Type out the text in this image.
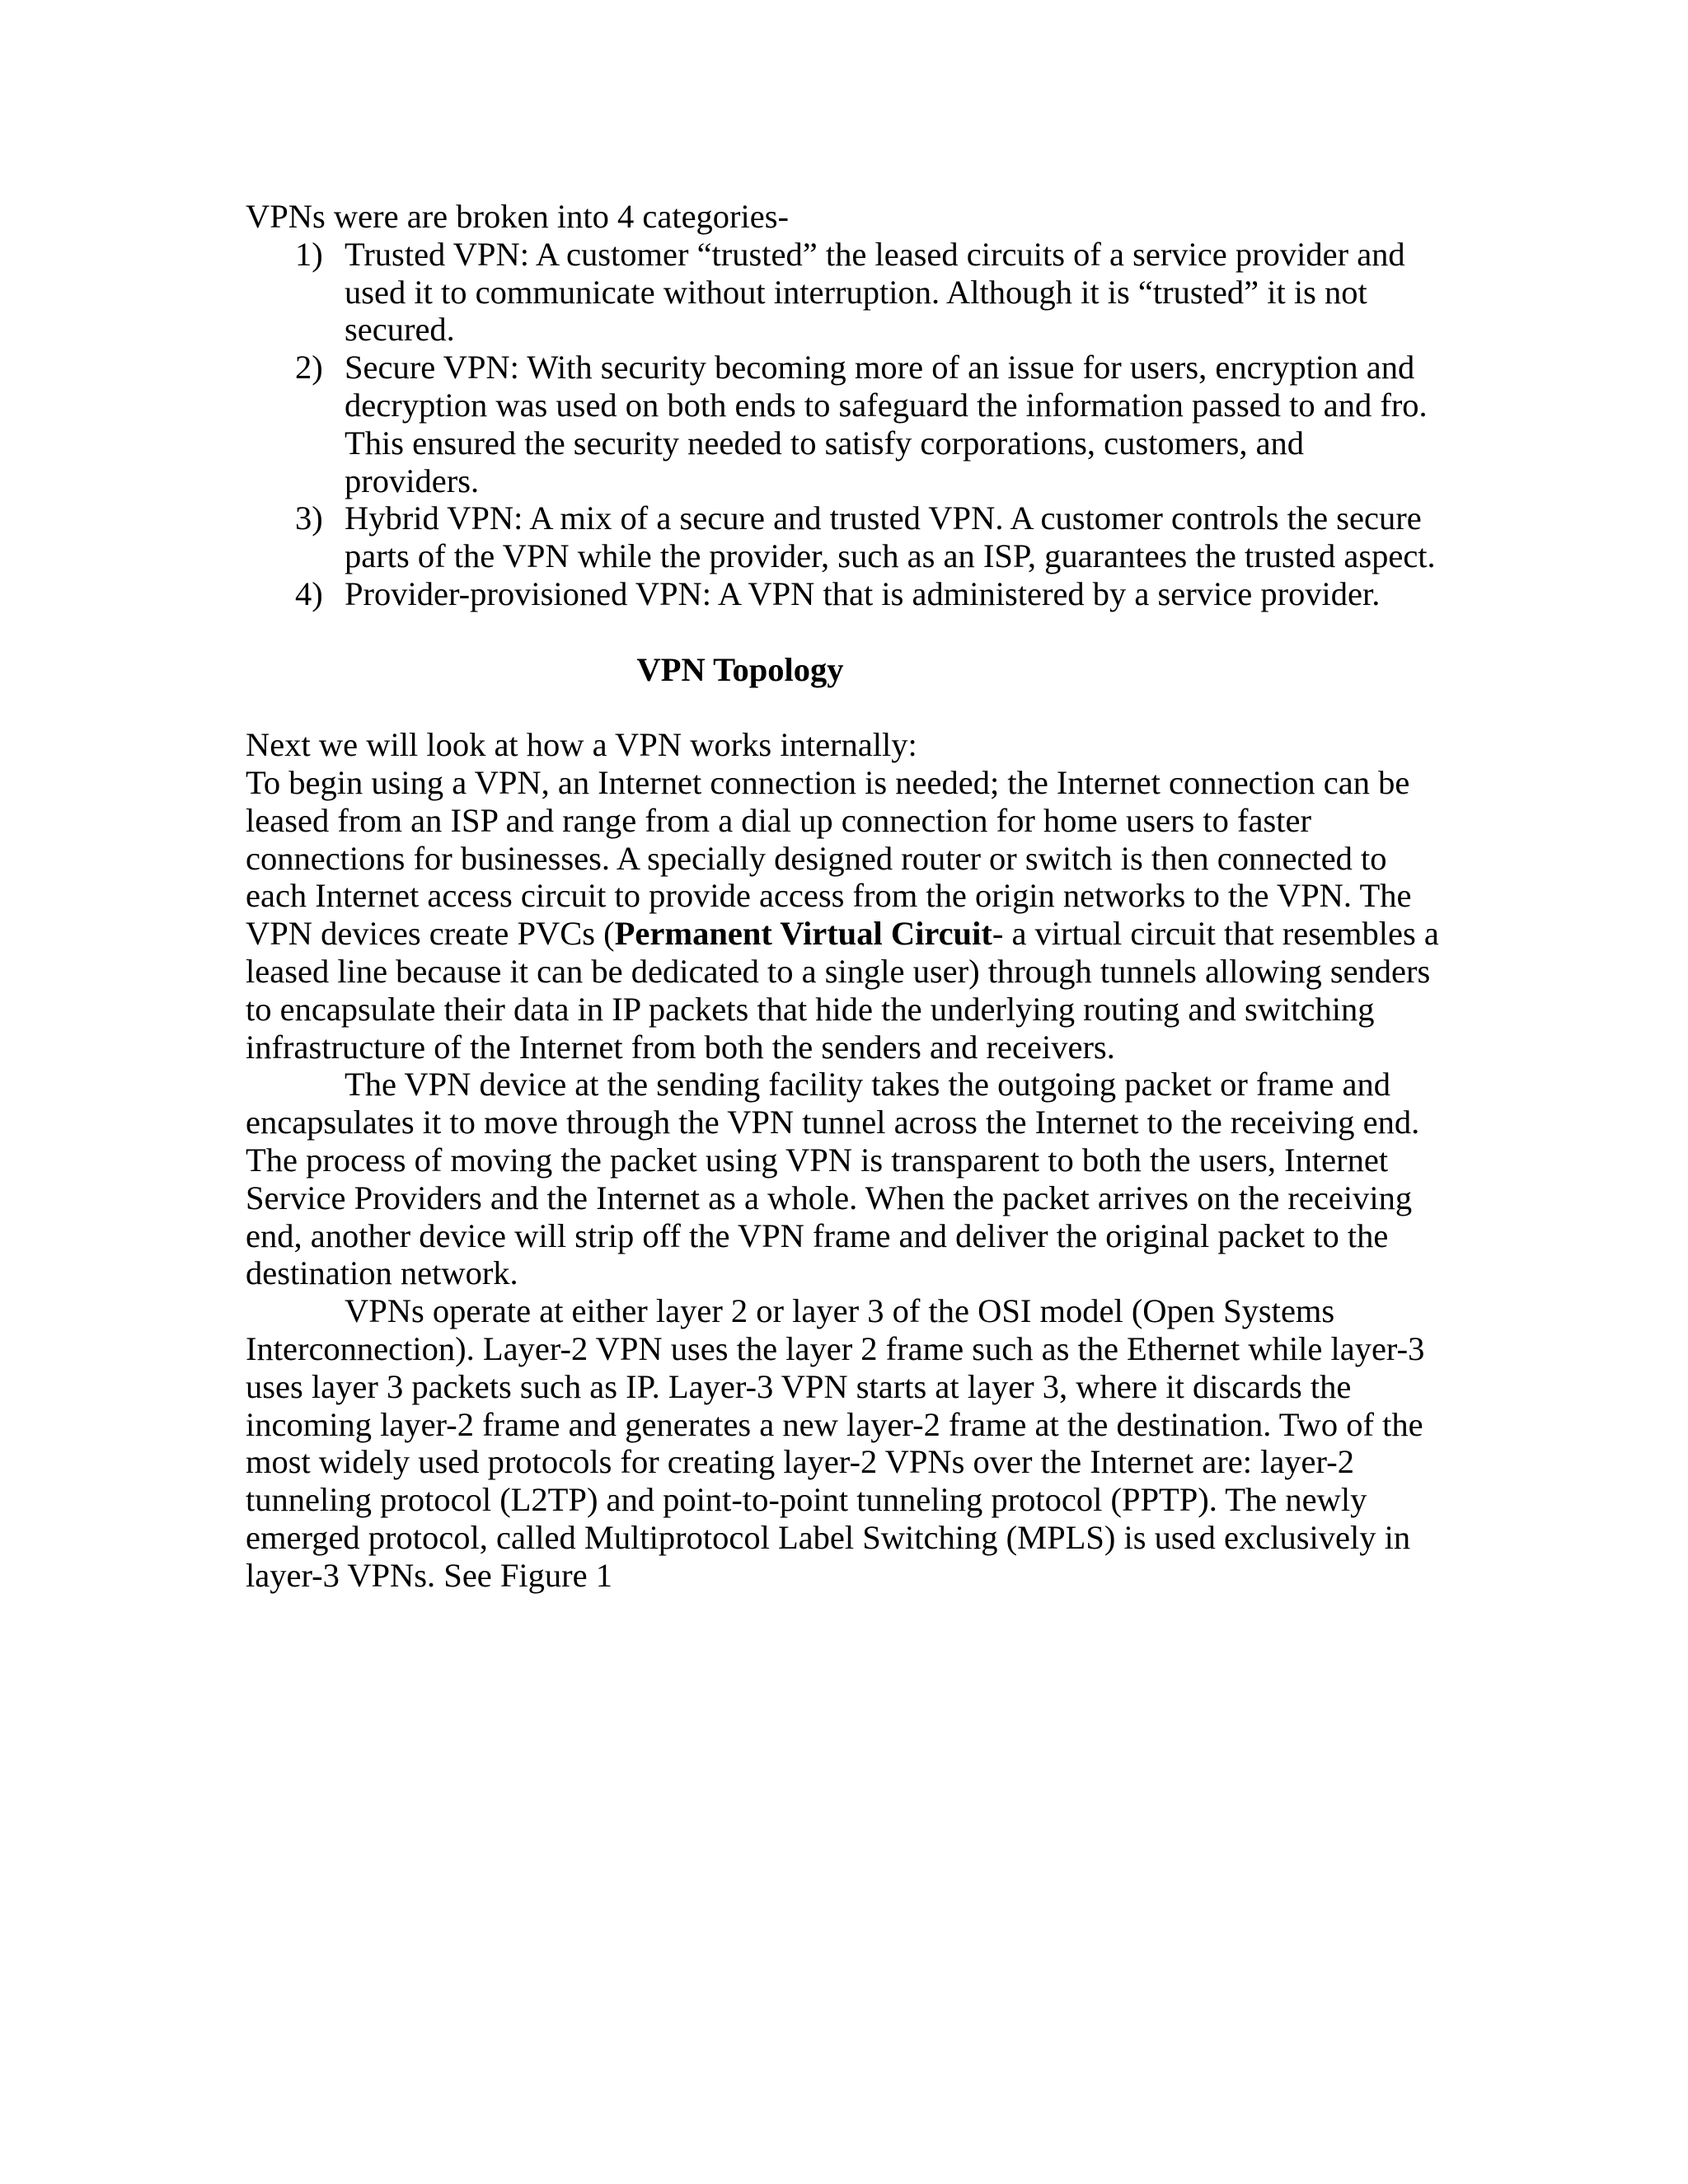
VPNs were are broken into 4 categories-
1) Trusted VPN: A customer “trusted” the leased circuits of a service provider and
used it to communicate without interruption. Although it is “trusted” it is not
secured.
2) Secure VPN: With security becoming more of an issue for users, encryption and
decryption was used on both ends to safeguard the information passed to and fro.
This ensured the security needed to satisfy corporations, customers, and
providers.
3) Hybrid VPN: A mix of a secure and trusted VPN. A customer controls the secure
parts of the VPN while the provider, such as an ISP, guarantees the trusted aspect.
4) Provider-provisioned VPN: A VPN that is administered by a service provider.
VPN Topology
Next we will look at how a VPN works internally:
To begin using a VPN, an Internet connection is needed; the Internet connection can be
leased from an ISP and range from a dial up connection for home users to faster
connections for businesses. A specially designed router or switch is then connected to
each Internet access circuit to provide access from the origin networks to the VPN. The
VPN devices create PVCs (Permanent Virtual Circuit- a virtual circuit that resembles a
leased line because it can be dedicated to a single user) through tunnels allowing senders
to encapsulate their data in IP packets that hide the underlying routing and switching
infrastructure of the Internet from both the senders and receivers.
The VPN device at the sending facility takes the outgoing packet or frame and
encapsulates it to move through the VPN tunnel across the Internet to the receiving end.
The process of moving the packet using VPN is transparent to both the users, Internet
Service Providers and the Internet as a whole. When the packet arrives on the receiving
end, another device will strip off the VPN frame and deliver the original packet to the
destination network.
VPNs operate at either layer 2 or layer 3 of the OSI model (Open Systems
Interconnection). Layer-2 VPN uses the layer 2 frame such as the Ethernet while layer-3
uses layer 3 packets such as IP. Layer-3 VPN starts at layer 3, where it discards the
incoming layer-2 frame and generates a new layer-2 frame at the destination. Two of the
most widely used protocols for creating layer-2 VPNs over the Internet are: layer-2
tunneling protocol (L2TP) and point-to-point tunneling protocol (PPTP). The newly
emerged protocol, called Multiprotocol Label Switching (MPLS) is used exclusively in
layer-3 VPNs. See Figure 1
